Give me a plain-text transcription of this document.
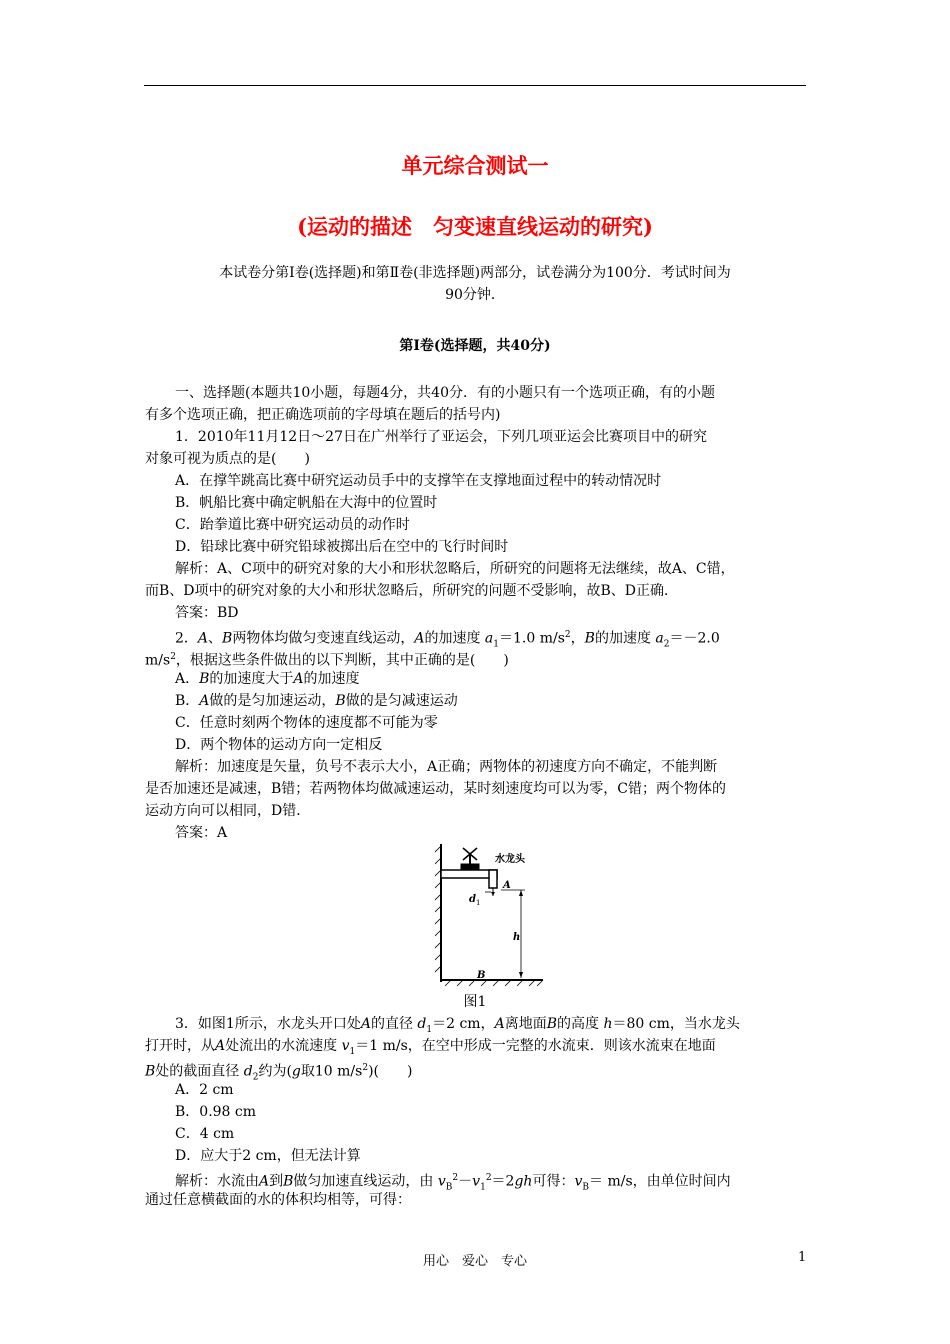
单元综合测试一
(运动的描述　匀变速直线运动的研究)
本试卷分第Ⅰ卷(选择题)和第Ⅱ卷(非选择题)两部分，试卷满分为100分．考试时间为
90分钟．
第Ⅰ卷(选择题，共40分)

一、选择题(本题共10小题，每题4分，共40分．有的小题只有一个选项正确，有的小题

有多个选项正确，把正确选项前的字母填在题后的括号内)

1．2010年11月12日～27日在广州举行了亚运会，下列几项亚运会比赛项目中的研究

对象可视为质点的是(　　)

A．在撑竿跳高比赛中研究运动员手中的支撑竿在支撑地面过程中的转动情况时

B．帆船比赛中确定帆船在大海中的位置时

C．跆拳道比赛中研究运动员的动作时

D．铅球比赛中研究铅球被掷出后在空中的飞行时间时

解析：A、C项中的研究对象的大小和形状忽略后，所研究的问题将无法继续，故A、C错，

而B、D项中的研究对象的大小和形状忽略后，所研究的问题不受影响，故B、D正确．

答案：BD

2．A、B两物体均做匀变速直线运动，A的加速度 $a_1=1.0$ $m/s^2$，B的加速度 $a_2=-2.0$

$m/s^2$，根据这些条件做出的以下判断，其中正确的是(　　)

A．B的加速度大于A的加速度

B．A做的是匀加速运动，B做的是匀减速运动

C．任意时刻两个物体的速度都不可能为零

D．两个物体的运动方向一定相反

解析：加速度是矢量，负号不表示大小，A正确；两物体的初速度方向不确定，不能判断

是否加速还是减速，B错；若两物体均做减速运动，某时刻速度均可以为零，C错；两个物体的

运动方向可以相同，D错．

答案：A

水龙头
A
d 1
h
B
图1

3．如图1所示，水龙头开口处A的直径 $d_1=2$ cm，A离地面B的高度 h＝80 cm，当水龙头

打开时，从A处流出的水流速度 $v_1=1$ m/s，在空中形成一完整的水流束．则该水流束在地面

B处的截面直径 $d_2$约为(g取10 $m/s^2$)(　　)

A．2 cm

B．0.98 cm

C．4 cm

D．应大于2 cm，但无法计算

解析：水流由A到B做匀加速直线运动，由 $v_B^2-v_1^2=2gh$可得：$v_B= m/s$，由单位时间内

通过任意横截面的水的体积均相等，可得：

用心　爱心　专心	1
